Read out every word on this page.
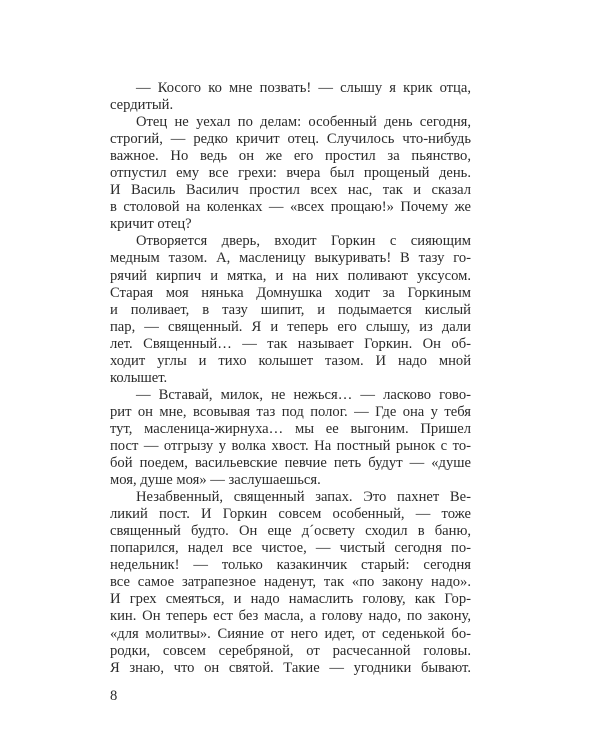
— Косого ко мне позвать! — слышу я крик отца,
сердитый.
Отец не уехал по делам: особенный день сегодня,
строгий, — редко кричит отец. Случилось что-нибудь
важное. Но ведь он же его простил за пьянство,
отпустил ему все грехи: вчера был прощеный день.
И Василь Василич простил всех нас, так и сказал
в столовой на коленках — «всех прощаю!» Почему же
кричит отец?
Отворяется дверь, входит Горкин с сияющим
медным тазом. А, масленицу выкуривать! В тазу го-
рячий кирпич и мятка, и на них поливают уксусом.
Старая моя нянька Домнушка ходит за Горкиным
и поливает, в тазу шипит, и подымается кислый
пар, — священный. Я и теперь его слышу, из дали
лет. Священный… — так называет Горкин. Он об-
ходит углы и тихо колышет тазом. И надо мной
колышет.
— Вставай, милок, не нежься… — ласково гово-
рит он мне, всовывая таз под полог. — Где она у тебя
тут, масленица-жирнуха… мы ее выгоним. Пришел
пост — отгрызу у волка хвост. На постный рынок с то-
бой поедем, васильевские певчие петь будут — «душе
моя, душе моя» — заслушаешься.
Незабвенный, священный запах. Это пахнет Ве-
ликий пост. И Горкин совсем особенный, — тоже
священный будто. Он еще д´освету сходил в баню,
попарился, надел все чистое, — чистый сегодня по-
недельник! — только казакинчик старый: сегодня
все самое затрапезное наденут, так «по закону надо».
И грех смеяться, и надо намаслить голову, как Гор-
кин. Он теперь ест без масла, а голову надо, по закону,
«для молитвы». Сияние от него идет, от седенькой бо-
родки, совсем серебряной, от расчесанной головы.
Я знаю, что он святой. Такие — угодники бывают.
8
